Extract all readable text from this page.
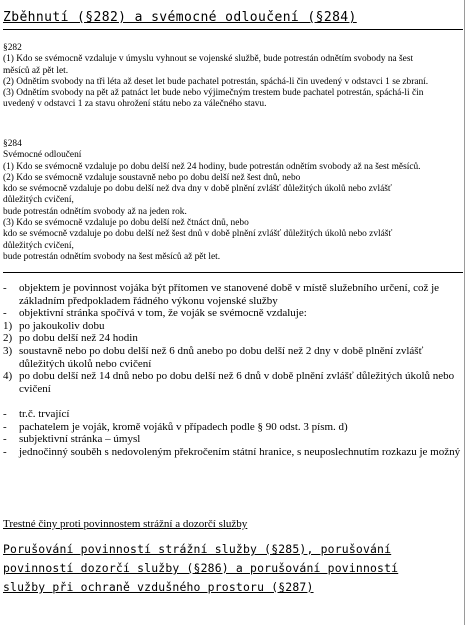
Zběhnutí (§282) a svémocné odloučení (§284)
§282
(1) Kdo se svémocně vzdaluje v úmyslu vyhnout se vojenské službě, bude potrestán odnětím svobody na šest
měsíců až pět let.
(2) Odnětím svobody na tři léta až deset let bude pachatel potrestán, spáchá-li čin uvedený v odstavci 1 se zbraní.
(3) Odnětím svobody na pět až patnáct let bude nebo výjimečným trestem bude pachatel potrestán, spáchá-li čin
uvedený v odstavci 1 za stavu ohrožení státu nebo za válečného stavu.
§284
Svémocné odloučení
(1) Kdo se svémocně vzdaluje po dobu delší než 24 hodiny, bude potrestán odnětím svobody až na šest měsíců.
(2) Kdo se svémocně vzdaluje soustavně nebo po dobu delší než šest dnů, nebo
kdo se svémocně vzdaluje po dobu delší než dva dny v době plnění zvlášť důležitých úkolů nebo zvlášť
důležitých cvičení,
bude potrestán odnětím svobody až na jeden rok.
(3) Kdo se svémocně vzdaluje po dobu delší než čtnáct dnů, nebo
kdo se svémocně vzdaluje po dobu delší než šest dnů v době plnění zvlášť důležitých úkolů nebo zvlášť
důležitých cvičení,
bude potrestán odnětím svobody na šest měsíců až pět let.
-	objektem je povinnost vojáka být přítomen ve stanovené době v místě služebního určení, což je základním předpokladem řádného výkonu vojenské služby
-	objektivní stránka spočívá v tom, že voják se svémocně vzdaluje:
1) po jakoukoliv dobu
2) po dobu delší než 24 hodin
3) soustavně nebo po dobu delší než 6 dnů anebo po dobu delší než 2 dny v době plnění zvlášť důležitých úkolů nebo cvičení
4) po dobu delší než 14 dnů nebo po dobu delší než 6 dnů v době plnění zvlášť důležitých úkolů nebo cvičení
-	tr.č. trvající
-	pachatelem je voják, kromě vojáků v případech podle § 90 odst. 3 písm. d)
-	subjektivní stránka – úmysl
-	jednočinný souběh s nedovoleným překročením státní hranice, s neuposlechnutím rozkazu je možný
Trestné činy proti povinnostem strážní a dozorčí služby
Porušování povinností strážní služby (§285), porušování
povinností dozorčí služby (§286) a porušování povinností
služby při ochraně vzdušného prostoru (§287)
